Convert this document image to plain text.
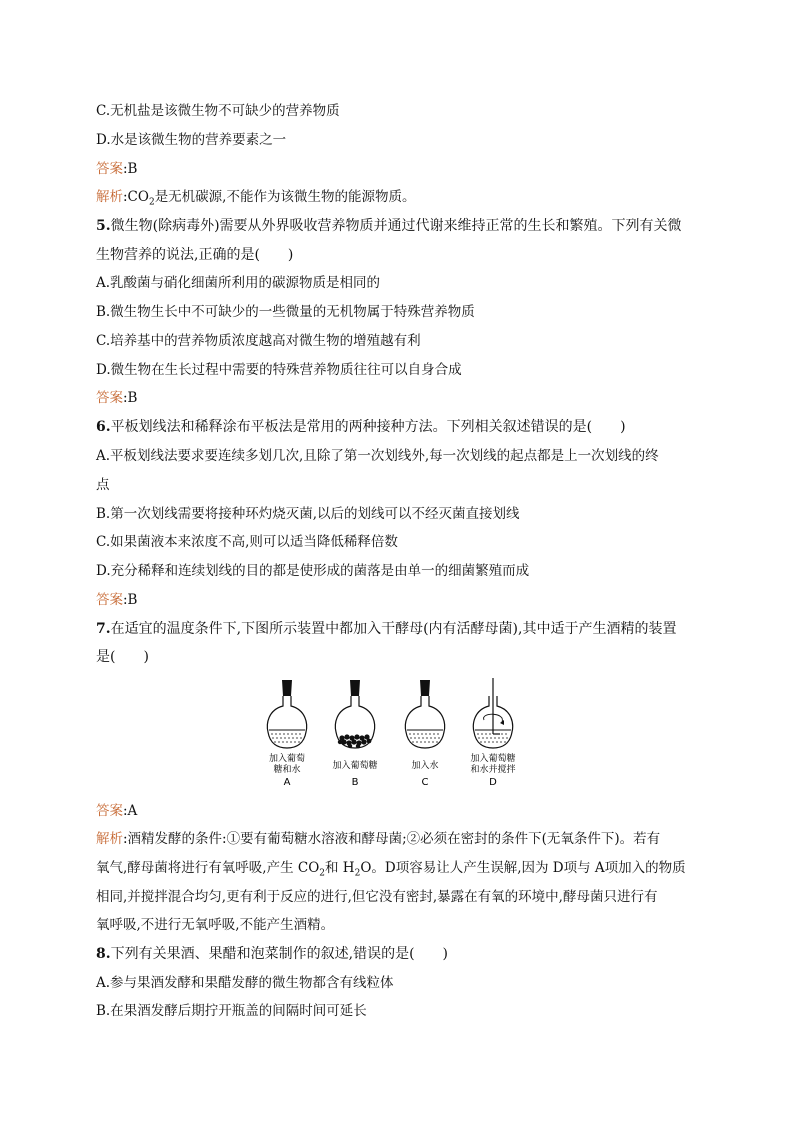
C.无机盐是该微生物不可缺少的营养物质
D.水是该微生物的营养要素之一
答案:B
解析$:CO_2$是无机碳源,不能作为该微生物的能源物质。
5.微生物(除病毒外)需要从外界吸收营养物质并通过代谢来维持正常的生长和繁殖。下列有关微
生物营养的说法,正确的是(　　)
A.乳酸菌与硝化细菌所利用的碳源物质是相同的
B.微生物生长中不可缺少的一些微量的无机物属于特殊营养物质
C.培养基中的营养物质浓度越高对微生物的增殖越有利
D.微生物在生长过程中需要的特殊营养物质往往可以自身合成
答案:B
6.平板划线法和稀释涂布平板法是常用的两种接种方法。下列相关叙述错误的是(　　)
A.平板划线法要求要连续多划几次,且除了第一次划线外,每一次划线的起点都是上一次划线的终
点
B.第一次划线需要将接种环灼烧灭菌,以后的划线可以不经灭菌直接划线
C.如果菌液本来浓度不高,则可以适当降低稀释倍数
D.充分稀释和连续划线的目的都是使形成的菌落是由单一的细菌繁殖而成
答案:B
7.在适宜的温度条件下,下图所示装置中都加入干酵母(内有活酵母菌),其中适于产生酒精的装置
是(　　)
加入葡萄
糖和水
A
加入葡萄糖
B
加入水
C
加入葡萄糖
和水并搅拌
D
答案:A
解析:酒精发酵的条件:①要有葡萄糖水溶液和酵母菌;②必须在密封的条件下(无氧条件下)。若有
氧气,酵母菌将进行有氧呼吸,产生 $CO_2$和 $H_2O$。D项容易让人产生误解,因为 D项与 A项加入的物质
相同,并搅拌混合均匀,更有利于反应的进行,但它没有密封,暴露在有氧的环境中,酵母菌只进行有
氧呼吸,不进行无氧呼吸,不能产生酒精。
8.下列有关果酒、果醋和泡菜制作的叙述,错误的是(　　)
A.参与果酒发酵和果醋发酵的微生物都含有线粒体
B.在果酒发酵后期拧开瓶盖的间隔时间可延长
